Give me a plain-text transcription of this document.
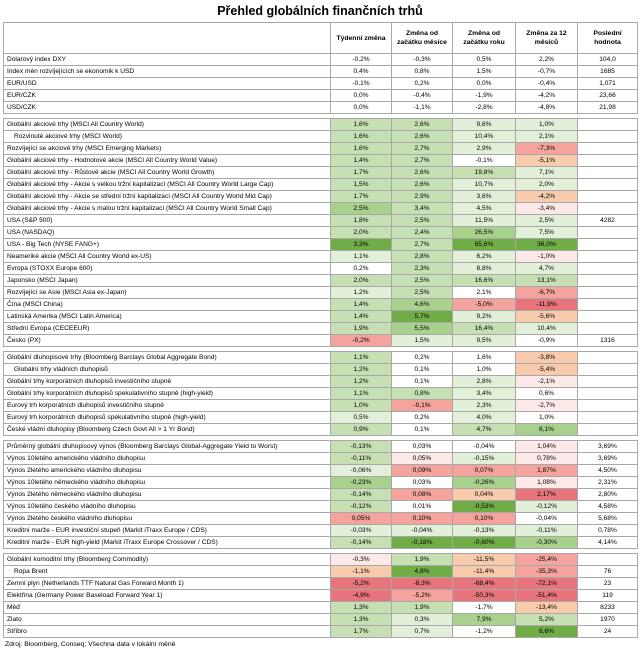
Přehled globálních finančních trhů
	Týdenní změna	Změna od začátku měsíce	Změna od začátku roku	Změna za 12 měsíců	Poslední hodnota
Dolarový index DXY	-0,2%	-0,3%	0,5%	2,2%	104,0
Index měn rozvíjejících se ekonomik k USD	0,4%	0,8%	1,5%	-0,7%	1685
EUR/USD	-0,1%	0,2%	0,0%	-0,4%	1,071
EUR/CZK	0,0%	-0,4%	-1,9%	-4,2%	23,66
USD/CZK	0,0%	-1,1%	-2,8%	-4,8%	21,98

Globální akciové trhy (MSCI All Country World)	1,6%	2,6%	9,6%	1,0%	
Rozvinuté akciové trhy (MSCI World)	1,6%	2,6%	10,4%	2,1%	
Rozvíjející se akciové trhy (MSCI Emerging Markets)	1,6%	2,7%	2,9%	-7,3%	
Globální akciové trhy - Hodnotové akcie (MSCI All Country World Value)	1,4%	2,7%	-0,1%	-5,1%	
Globální akciové trhy - Růstové akcie (MSCI All Country World Growth)	1,7%	2,6%	19,8%	7,1%	
Globální akciové trhy - Akcie s velkou tržní kapitalizací (MSCI All Country World Large Cap)	1,5%	2,6%	10,7%	2,0%	
Globální akciové trhy - Akcie se střední tržní kapitalizací (MSCI All Country World Mid Cap)	1,7%	2,9%	3,6%	-4,2%	
Globální akciové trhy - Akcie s malou tržní kapitalizací (MSCI All Country World Small Cap)	2,5%	3,4%	4,5%	-3,4%	
USA (S&P 500)	1,8%	2,5%	11,5%	2,5%	4282
USA (NASDAQ)	2,0%	2,4%	26,5%	7,5%	
USA - Big Tech (NYSE FANG+)	3,3%	2,7%	65,6%	36,0%	
Neameriké akcie (MSCI All Country World ex-US)	1,1%	2,8%	6,2%	-1,0%	
Evropa (STOXX Europe 600)	0,2%	2,3%	8,8%	4,7%	
Japonsko (MSCI Japan)	2,0%	2,5%	16,6%	13,1%	
Rozvíjející se Asie (MSCI Asia ex-Japan)	1,2%	2,5%	2,1%	-6,7%	
Čína (MSCI China)	1,4%	4,6%	-5,0%	-11,9%	
Latinská Amerika (MSCI Latin America)	1,4%	5,7%	9,2%	-5,6%	
Střední Evropa (CECEEUR)	1,9%	5,5%	16,4%	10,4%	
Česko (PX)	-0,2%	1,5%	9,5%	-0,9%	1316

Globální dluhopisové trhy (Bloomberg Barclays Global Aggregate Bond)	1,1%	0,2%	1,6%	-3,8%	
Globální trhy vládních dluhopisů	1,2%	0,1%	1,0%	-5,4%	
Globální trhy korporátních dluhopisů investičního stupně	1,2%	0,1%	2,8%	-2,1%	
Globální trhy korporátních dluhopisů spekulativního stupně (high-yield)	1,1%	0,8%	3,4%	0,6%	
Eurový trh korporátních dluhopisů investičního stupně	1,0%	-0,1%	2,3%	-2,7%	
Eurový trh korporátních dluhopisů spekulativního stupně (high-yield)	0,5%	0,2%	4,0%	1,0%	
České vládní dluhopisy (Bloomberg Czech Govt All > 1 Yr Bond)	0,9%	0,1%	4,7%	6,1%	

Průměrný globální dluhopisový výnos (Bloomberg Barclays Global-Aggregate Yield to Worst)	-0,13%	0,03%	-0,04%	1,04%	3,69%
Výnos 10letého amerického vládního dluhopisu	-0,11%	0,05%	-0,15%	0,78%	3,69%
Výnos 2letého amerického vládního dluhopisu	-0,06%	0,09%	0,07%	1,87%	4,50%
Výnos 10letého německého vládního dluhopisu	-0,23%	0,03%	-0,26%	1,08%	2,31%
Výnos 2letého německého vládního dluhopisu	-0,14%	0,08%	0,04%	2,17%	2,80%
Výnos 10letého českého vládního dluhopisu	-0,12%	0,01%	-0,53%	-0,12%	4,58%
Výnos 2letého českého vládního dluhopisu	0,05%	0,10%	0,10%	-0,04%	5,68%
Kreditní marže - EUR investiční stupeň (Markit iTraxx Europe / CDS)	-0,03%	-0,04%	-0,13%	-0,11%	0,78%
Kreditní marže - EUR high-yield (Markit iTraxx Europe Crossover / CDS)	-0,14%	-0,18%	-0,60%	-0,30%	4,14%

Globální komoditní trhy (Bloomberg Commodity)	-0,3%	1,9%	-11,5%	-25,4%	
Ropa Brent	-1,1%	4,8%	-11,4%	-35,3%	76
Zemní plyn (Netherlands TTF Natural Gas Forward Month 1)	-5,2%	-8,3%	-68,4%	-72,1%	23
Elektřina (Germany Power Baseload Forward Year 1)	-4,9%	-5,2%	-50,3%	-51,4%	119
Měď	1,3%	1,9%	-1,7%	-13,4%	8233
Zlato	1,3%	0,3%	7,9%	5,2%	1970
Stříbro	1,7%	0,7%	-1,2%	6,6%	24
Zdroj: Bloomberg, Conseq; Všechna data v lokální měně
